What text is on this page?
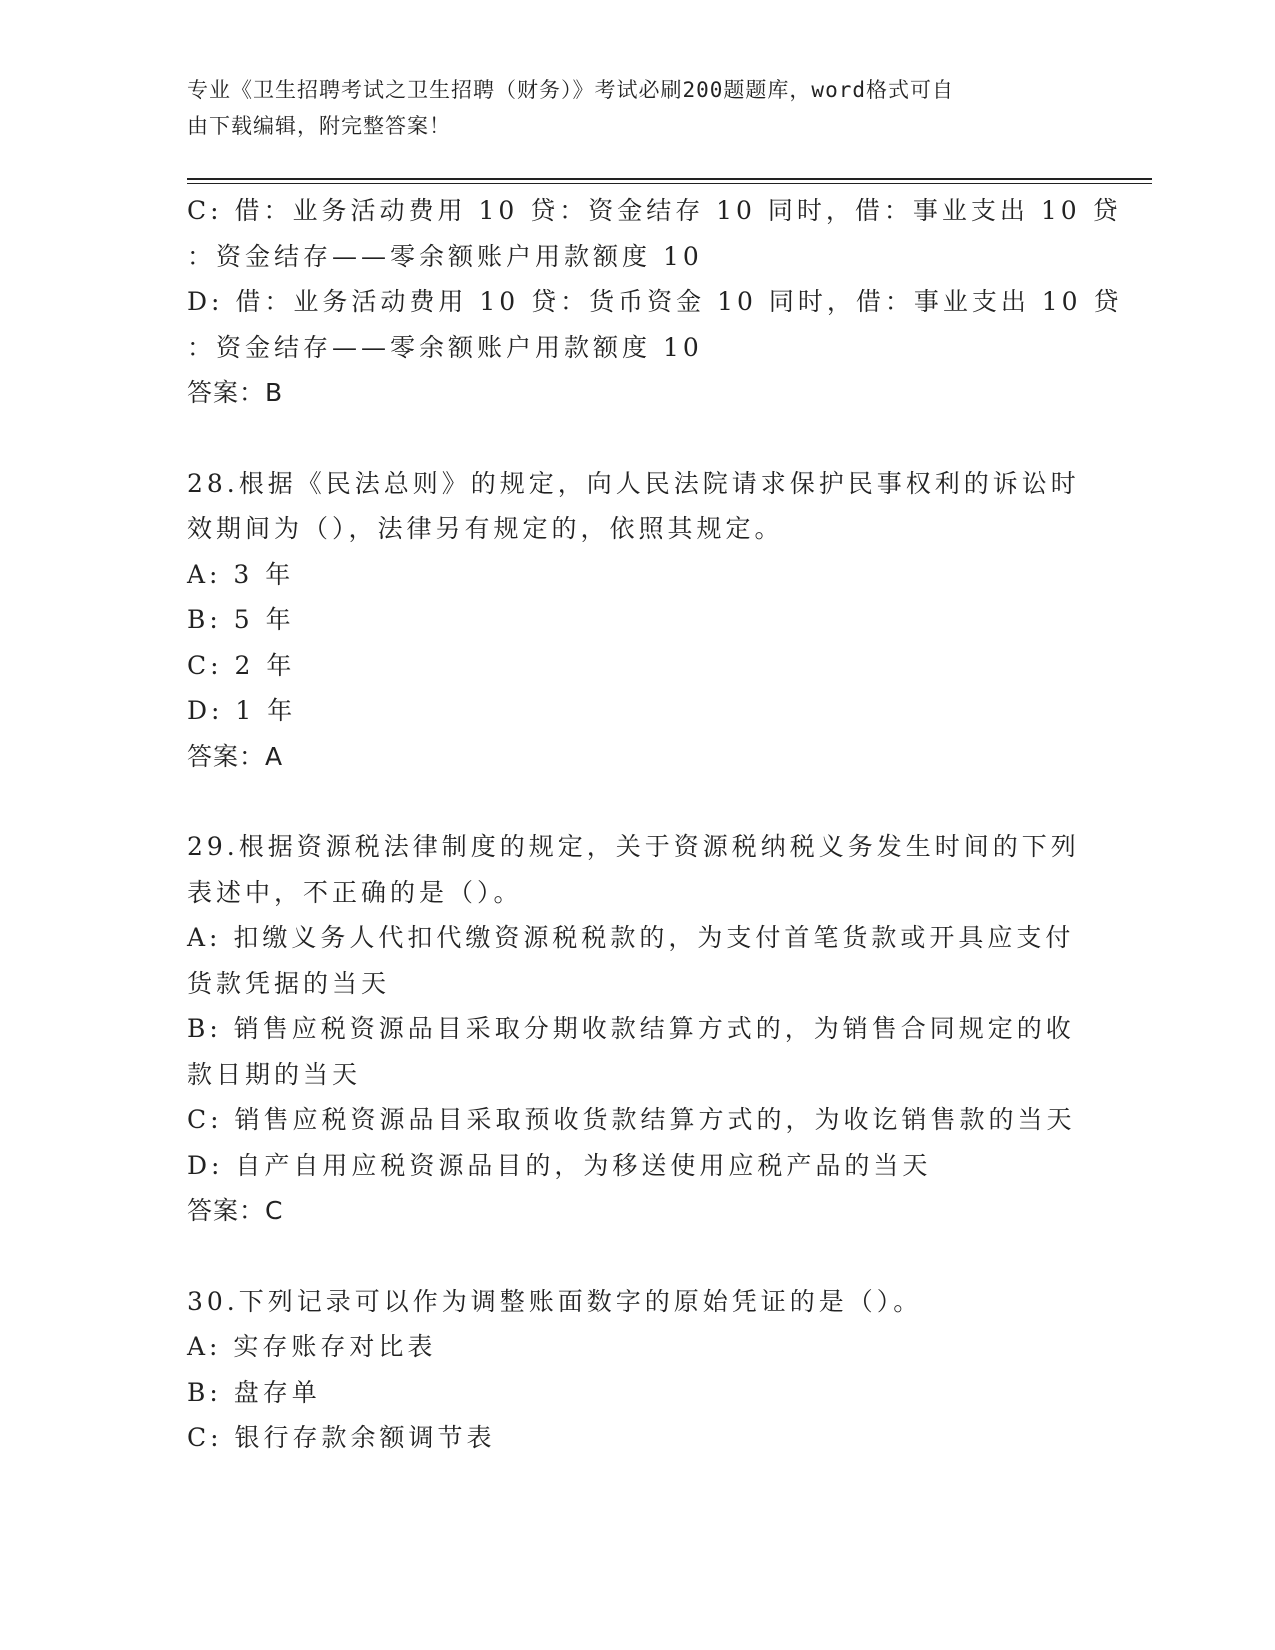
专业《卫生招聘考试之卫生招聘（财务）》考试必刷200题题库，word格式可自
由下载编辑，附完整答案！
C: 借：业务活动费用 10 贷：资金结存 10 同时，借：事业支出 10 贷
：资金结存——零余额账户用款额度 10
D: 借：业务活动费用 10 贷：货币资金 10 同时，借：事业支出 10 贷
：资金结存——零余额账户用款额度 10
答案：B
28.根据《民法总则》的规定，向人民法院请求保护民事权利的诉讼时
效期间为（），法律另有规定的，依照其规定。
A: 3 年
B: 5 年
C: 2 年
D: 1 年
答案：A
29.根据资源税法律制度的规定，关于资源税纳税义务发生时间的下列
表述中，不正确的是（）。
A: 扣缴义务人代扣代缴资源税税款的，为支付首笔货款或开具应支付
货款凭据的当天
B: 销售应税资源品目采取分期收款结算方式的，为销售合同规定的收
款日期的当天
C: 销售应税资源品目采取预收货款结算方式的，为收讫销售款的当天
D: 自产自用应税资源品目的，为移送使用应税产品的当天
答案：C
30.下列记录可以作为调整账面数字的原始凭证的是（）。
A: 实存账存对比表
B: 盘存单
C: 银行存款余额调节表
